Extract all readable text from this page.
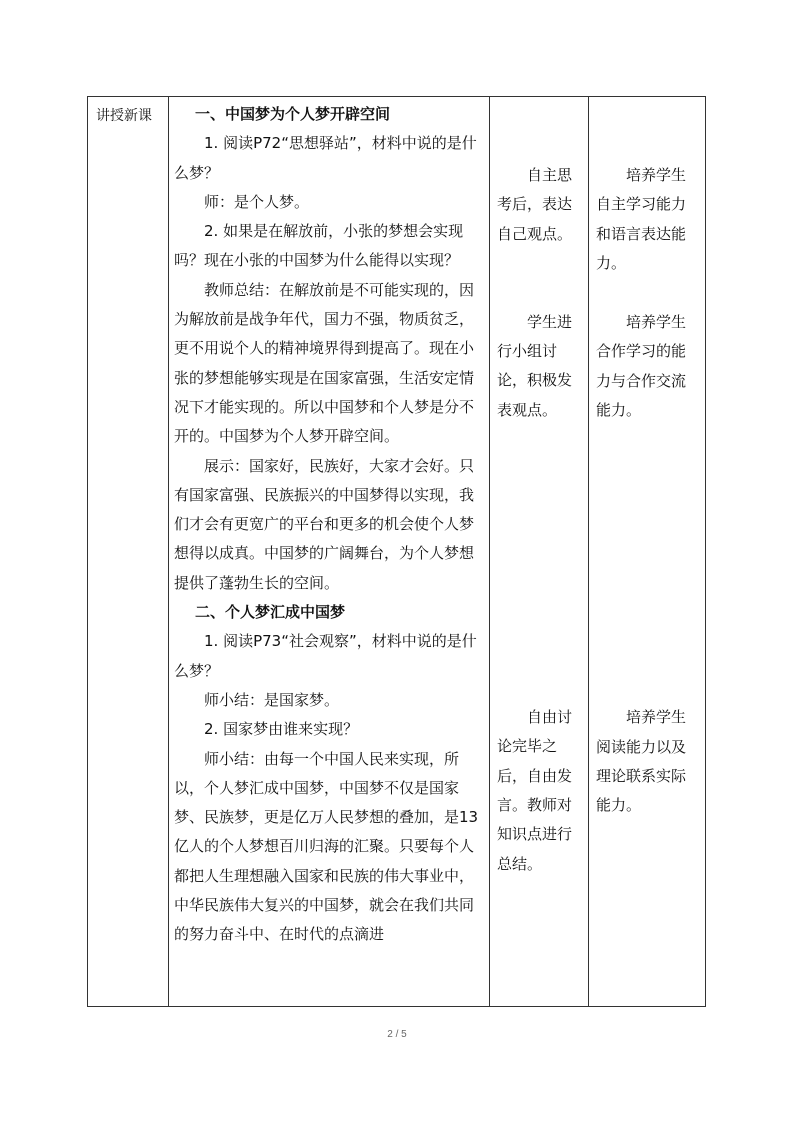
讲授新课	一、中国梦为个人梦开辟空间

1. 阅读P72“思想驿站”，材料中说的是什么梦？

师：是个人梦。

2. 如果是在解放前，小张的梦想会实现吗？现在小张的中国梦为什么能得以实现？

教师总结：在解放前是不可能实现的，因为解放前是战争年代，国力不强，物质贫乏，更不用说个人的精神境界得到提高了。现在小张的梦想能够实现是在国家富强，生活安定情况下才能实现的。所以中国梦和个人梦是分不开的。中国梦为个人梦开辟空间。

展示：国家好，民族好，大家才会好。只有国家富强、民族振兴的中国梦得以实现，我们才会有更宽广的平台和更多的机会使个人梦想得以成真。中国梦的广阔舞台，为个人梦想提供了蓬勃生长的空间。

二、个人梦汇成中国梦

1. 阅读P73“社会观察”，材料中说的是什么梦？

师小结：是国家梦。

2. 国家梦由谁来实现？

师小结：由每一个中国人民来实现，所以，个人梦汇成中国梦，中国梦不仅是国家梦、民族梦，更是亿万人民梦想的叠加，是13亿人的个人梦想百川归海的汇聚。只要每个人都把人生理想融入国家和民族的伟大事业中，中华民族伟大复兴的中国梦，就会在我们共同的努力奋斗中、在时代的点滴进

自主思考后，表达自己观点。

学生进行小组讨论，积极发表观点。

自由讨论完毕之后，自由发言。教师对知识点进行总结。

培养学生自主学习能力和语言表达能力。

培养学生合作学习的能力与合作交流能力。

培养学生阅读能力以及理论联系实际能力。

2 / 5
